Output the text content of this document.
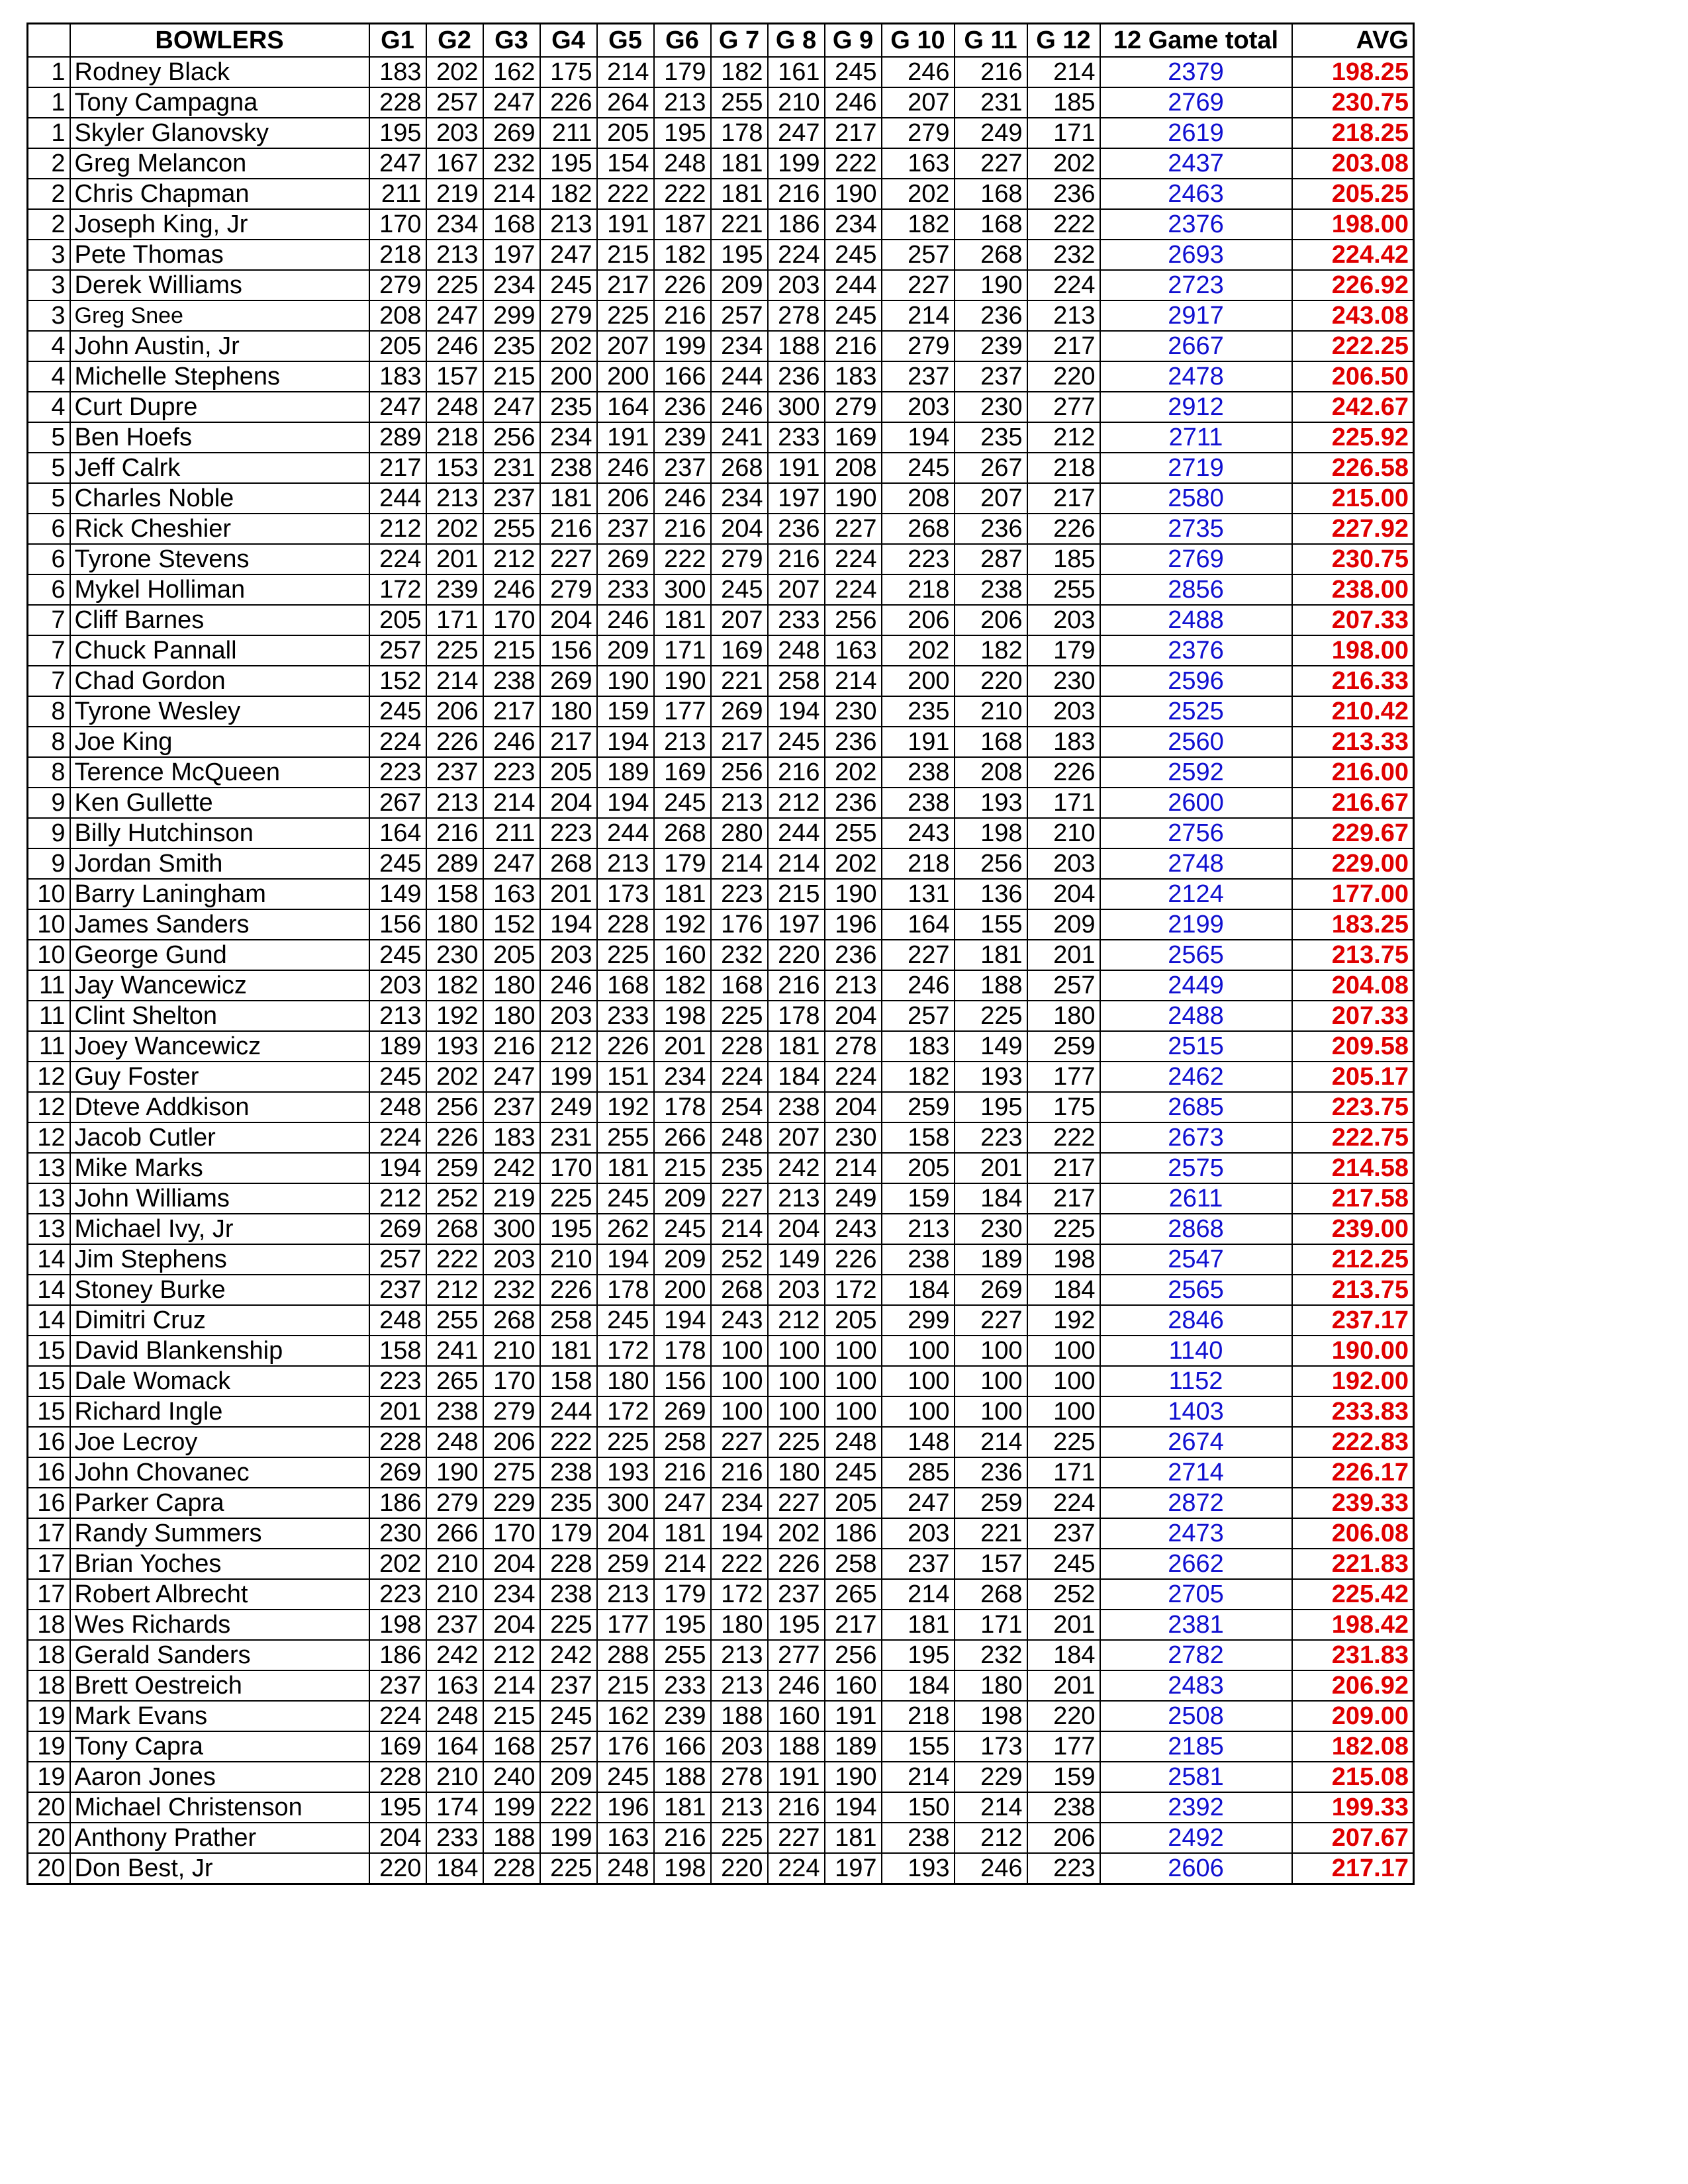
	BOWLERS	G1	G2	G3	G4	G5	G6	G 7	G 8	G 9	G 10	G 11	G 12	12 Game total	AVG
1	Rodney Black	183	202	162	175	214	179	182	161	245	246	216	214	2379	198.25
1	Tony Campagna	228	257	247	226	264	213	255	210	246	207	231	185	2769	230.75
1	Skyler Glanovsky	195	203	269	211	205	195	178	247	217	279	249	171	2619	218.25
2	Greg Melancon	247	167	232	195	154	248	181	199	222	163	227	202	2437	203.08
2	Chris Chapman	211	219	214	182	222	222	181	216	190	202	168	236	2463	205.25
2	Joseph King, Jr	170	234	168	213	191	187	221	186	234	182	168	222	2376	198.00
3	Pete Thomas	218	213	197	247	215	182	195	224	245	257	268	232	2693	224.42
3	Derek Williams	279	225	234	245	217	226	209	203	244	227	190	224	2723	226.92
3	Greg Snee	208	247	299	279	225	216	257	278	245	214	236	213	2917	243.08
4	John Austin, Jr	205	246	235	202	207	199	234	188	216	279	239	217	2667	222.25
4	Michelle Stephens	183	157	215	200	200	166	244	236	183	237	237	220	2478	206.50
4	Curt Dupre	247	248	247	235	164	236	246	300	279	203	230	277	2912	242.67
5	Ben Hoefs	289	218	256	234	191	239	241	233	169	194	235	212	2711	225.92
5	Jeff Calrk	217	153	231	238	246	237	268	191	208	245	267	218	2719	226.58
5	Charles Noble	244	213	237	181	206	246	234	197	190	208	207	217	2580	215.00
6	Rick Cheshier	212	202	255	216	237	216	204	236	227	268	236	226	2735	227.92
6	Tyrone Stevens	224	201	212	227	269	222	279	216	224	223	287	185	2769	230.75
6	Mykel Holliman	172	239	246	279	233	300	245	207	224	218	238	255	2856	238.00
7	Cliff Barnes	205	171	170	204	246	181	207	233	256	206	206	203	2488	207.33
7	Chuck Pannall	257	225	215	156	209	171	169	248	163	202	182	179	2376	198.00
7	Chad Gordon	152	214	238	269	190	190	221	258	214	200	220	230	2596	216.33
8	Tyrone Wesley	245	206	217	180	159	177	269	194	230	235	210	203	2525	210.42
8	Joe King	224	226	246	217	194	213	217	245	236	191	168	183	2560	213.33
8	Terence McQueen	223	237	223	205	189	169	256	216	202	238	208	226	2592	216.00
9	Ken Gullette	267	213	214	204	194	245	213	212	236	238	193	171	2600	216.67
9	Billy Hutchinson	164	216	211	223	244	268	280	244	255	243	198	210	2756	229.67
9	Jordan Smith	245	289	247	268	213	179	214	214	202	218	256	203	2748	229.00
10	Barry Laningham	149	158	163	201	173	181	223	215	190	131	136	204	2124	177.00
10	James Sanders	156	180	152	194	228	192	176	197	196	164	155	209	2199	183.25
10	George Gund	245	230	205	203	225	160	232	220	236	227	181	201	2565	213.75
11	Jay Wancewicz	203	182	180	246	168	182	168	216	213	246	188	257	2449	204.08
11	Clint Shelton	213	192	180	203	233	198	225	178	204	257	225	180	2488	207.33
11	Joey Wancewicz	189	193	216	212	226	201	228	181	278	183	149	259	2515	209.58
12	Guy Foster	245	202	247	199	151	234	224	184	224	182	193	177	2462	205.17
12	Dteve Addkison	248	256	237	249	192	178	254	238	204	259	195	175	2685	223.75
12	Jacob Cutler	224	226	183	231	255	266	248	207	230	158	223	222	2673	222.75
13	Mike Marks	194	259	242	170	181	215	235	242	214	205	201	217	2575	214.58
13	John Williams	212	252	219	225	245	209	227	213	249	159	184	217	2611	217.58
13	Michael Ivy, Jr	269	268	300	195	262	245	214	204	243	213	230	225	2868	239.00
14	Jim Stephens	257	222	203	210	194	209	252	149	226	238	189	198	2547	212.25
14	Stoney Burke	237	212	232	226	178	200	268	203	172	184	269	184	2565	213.75
14	Dimitri Cruz	248	255	268	258	245	194	243	212	205	299	227	192	2846	237.17
15	David Blankenship	158	241	210	181	172	178	100	100	100	100	100	100	1140	190.00
15	Dale Womack	223	265	170	158	180	156	100	100	100	100	100	100	1152	192.00
15	Richard Ingle	201	238	279	244	172	269	100	100	100	100	100	100	1403	233.83
16	Joe Lecroy	228	248	206	222	225	258	227	225	248	148	214	225	2674	222.83
16	John Chovanec	269	190	275	238	193	216	216	180	245	285	236	171	2714	226.17
16	Parker Capra	186	279	229	235	300	247	234	227	205	247	259	224	2872	239.33
17	Randy Summers	230	266	170	179	204	181	194	202	186	203	221	237	2473	206.08
17	Brian Yoches	202	210	204	228	259	214	222	226	258	237	157	245	2662	221.83
17	Robert Albrecht	223	210	234	238	213	179	172	237	265	214	268	252	2705	225.42
18	Wes Richards	198	237	204	225	177	195	180	195	217	181	171	201	2381	198.42
18	Gerald Sanders	186	242	212	242	288	255	213	277	256	195	232	184	2782	231.83
18	Brett Oestreich	237	163	214	237	215	233	213	246	160	184	180	201	2483	206.92
19	Mark Evans	224	248	215	245	162	239	188	160	191	218	198	220	2508	209.00
19	Tony Capra	169	164	168	257	176	166	203	188	189	155	173	177	2185	182.08
19	Aaron Jones	228	210	240	209	245	188	278	191	190	214	229	159	2581	215.08
20	Michael Christenson	195	174	199	222	196	181	213	216	194	150	214	238	2392	199.33
20	Anthony Prather	204	233	188	199	163	216	225	227	181	238	212	206	2492	207.67
20	Don Best, Jr	220	184	228	225	248	198	220	224	197	193	246	223	2606	217.17
